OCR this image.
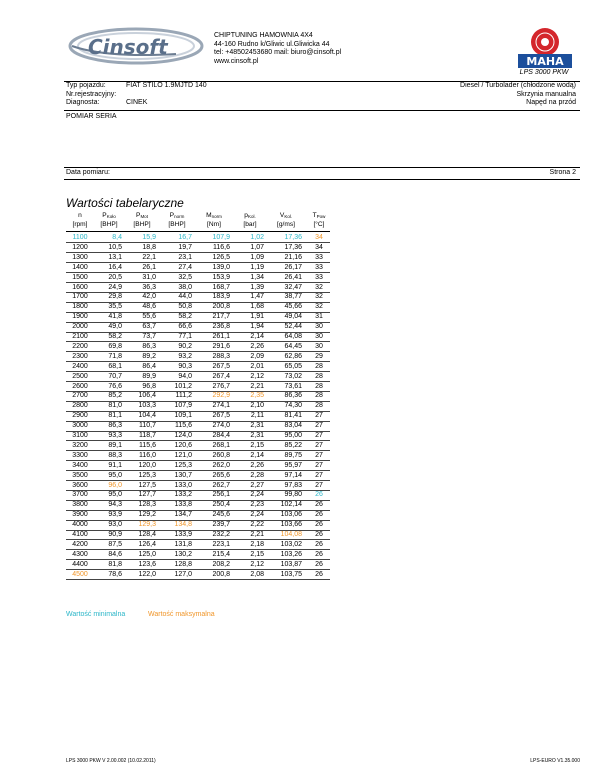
Cinsoft	CHIPTUNING HAMOWNIA 4X4
44-160 Rudno k/Gliwic ul.Gliwicka 44
tel: +48502453680 mail: biuro@cinsoft.pl
www.cinsoft.pl	MAHA
LPS 3000 PKW
Typ pojazdu:	FIAT STILO 1.9MJTD 140
Nr.rejestracyjny:
Diagnosta:	CINEK
Diesel / Turbolader (chłodzone wodą)
Skrzynia manualna
Napęd na przód
POMIAR SERIA
Data pomiaru:	Strona 2
Wartości tabelaryczne
n
[rpm]
$P_{Koło}$
[BHP]
$P_{Mot}$
[BHP]
$P_{norm}$
[BHP]
$M_{norm}$
[Nm]
$p_{Kol.}$
[bar]
$V_{Kol.}$
[g/ms]
$T_{Pow}$
[°C]
1100	8,4	15,9	16,7	107,9	1,02	17,36	34
1200	10,5	18,8	19,7	116,6	1,07	17,36	34
1300	13,1	22,1	23,1	126,5	1,09	21,16	33
1400	16,4	26,1	27,4	139,0	1,19	26,17	33
1500	20,5	31,0	32,5	153,9	1,34	26,41	33
1600	24,9	36,3	38,0	168,7	1,39	32,47	32
1700	29,8	42,0	44,0	183,9	1,47	38,77	32
1800	35,5	48,6	50,8	200,8	1,68	45,66	32
1900	41,8	55,6	58,2	217,7	1,91	49,04	31
2000	49,0	63,7	66,6	236,8	1,94	52,44	30
2100	58,2	73,7	77,1	261,1	2,14	64,08	30
2200	69,8	86,3	90,2	291,6	2,26	64,45	30
2300	71,8	89,2	93,2	288,3	2,09	62,86	29
2400	68,1	86,4	90,3	267,5	2,01	65,05	28
2500	70,7	89,9	94,0	267,4	2,12	73,02	28
2600	76,6	96,8	101,2	276,7	2,21	73,61	28
2700	85,2	106,4	111,2	292,9	2,35	86,36	28
2800	81,0	103,3	107,9	274,1	2,10	74,30	28
2900	81,1	104,4	109,1	267,5	2,11	81,41	27
3000	86,3	110,7	115,6	274,0	2,31	83,04	27
3100	93,3	118,7	124,0	284,4	2,31	95,00	27
3200	89,1	115,6	120,6	268,1	2,15	85,22	27
3300	88,3	116,0	121,0	260,8	2,14	89,75	27
3400	91,1	120,0	125,3	262,0	2,26	95,97	27
3500	95,0	125,3	130,7	265,6	2,28	97,14	27
3600	96,0	127,5	133,0	262,7	2,27	97,83	27
3700	95,0	127,7	133,2	256,1	2,24	99,80	26
3800	94,3	128,3	133,8	250,4	2,23	102,14	26
3900	93,9	129,2	134,7	245,6	2,24	103,06	26
4000	93,0	129,3	134,8	239,7	2,22	103,66	26
4100	90,9	128,4	133,9	232,2	2,21	104,08	26
4200	87,5	126,4	131,8	223,1	2,18	103,02	26
4300	84,6	125,0	130,2	215,4	2,15	103,26	26
4400	81,8	123,6	128,8	208,2	2,12	103,87	26
4500	78,6	122,0	127,0	200,8	2,08	103,75	26
Wartość minimalna	Wartość maksymalna
LPS 3000 PKW V 2.00.002 (10.02.2011)	LPS-EURO V1.35.000
